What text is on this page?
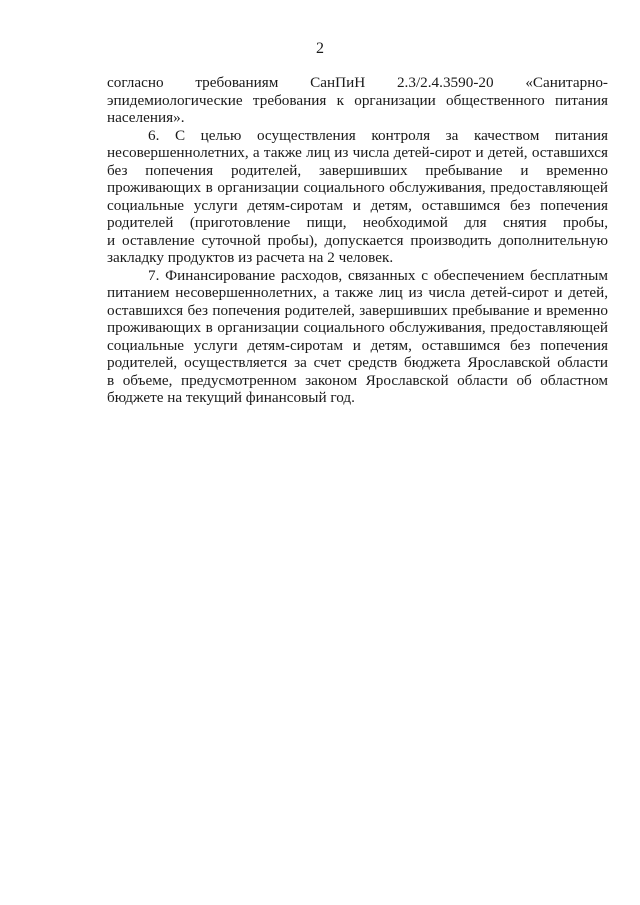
2
согласно требованиям СанПиН 2.3/2.4.3590-20 «Санитарно-
эпидемиологические требования к организации общественного питания
населения».
6. С целью осуществления контроля за качеством питания
несовершеннолетних, а также лиц из числа детей-сирот и детей, оставшихся
без попечения родителей, завершивших пребывание и временно
проживающих в организации социального обслуживания, предоставляющей
социальные услуги детям-сиротам и детям, оставшимся без попечения
родителей (приготовление пищи, необходимой для снятия пробы,
и оставление суточной пробы), допускается производить дополнительную
закладку продуктов из расчета на 2 человек.
7. Финансирование расходов, связанных с обеспечением бесплатным
питанием несовершеннолетних, а также лиц из числа детей-сирот и детей,
оставшихся без попечения родителей, завершивших пребывание и временно
проживающих в организации социального обслуживания, предоставляющей
социальные услуги детям-сиротам и детям, оставшимся без попечения
родителей, осуществляется за счет средств бюджета Ярославской области
в объеме, предусмотренном законом Ярославской области об областном
бюджете на текущий финансовый год.
